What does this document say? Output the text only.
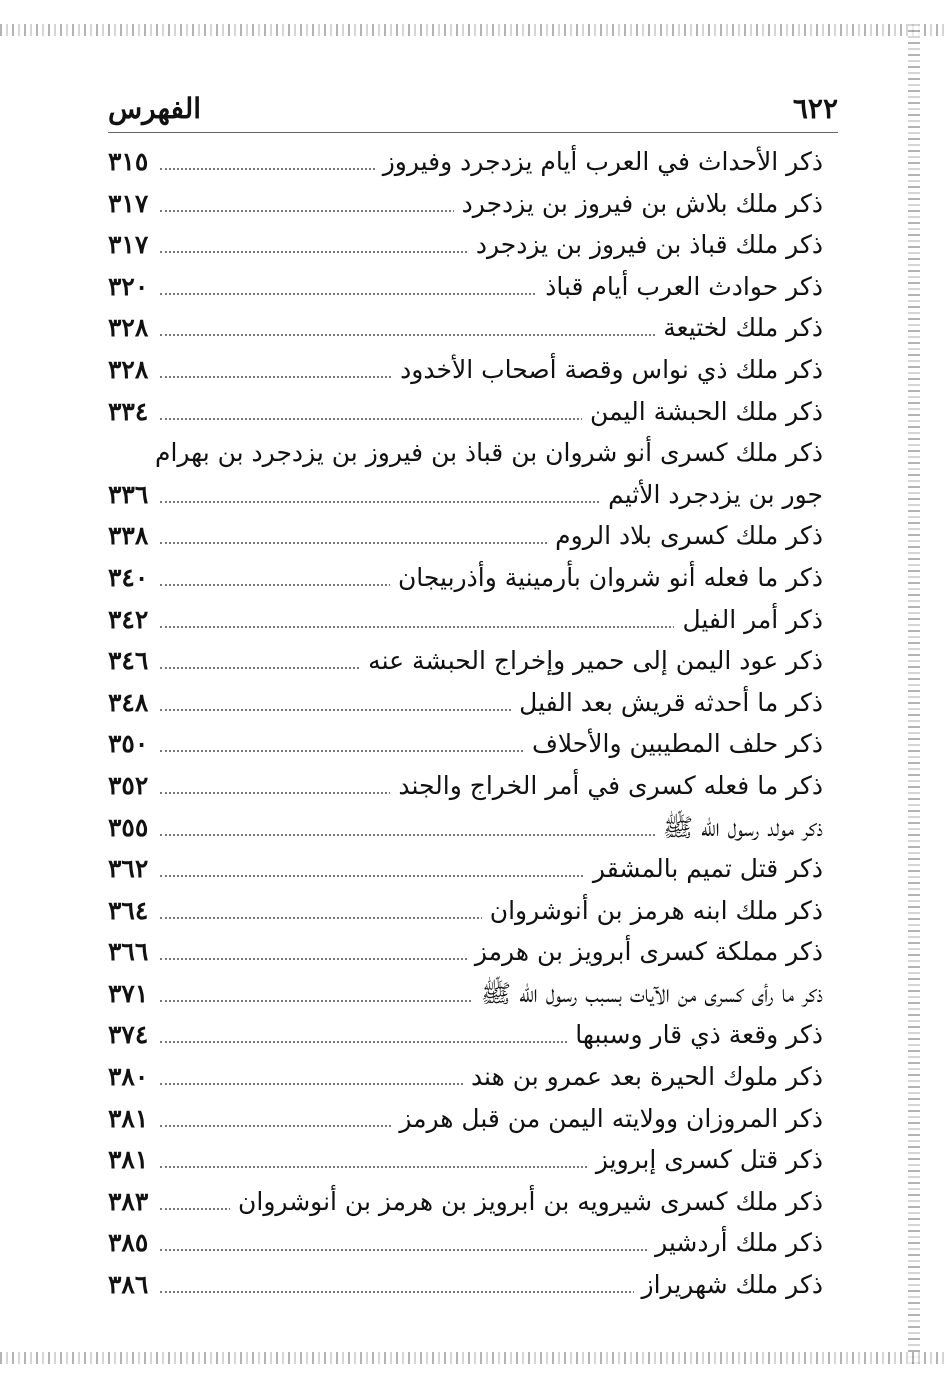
الفهرس	٦٢٢
ذكر الأحداث في العرب أيام يزدجرد وفيروز
٣١٥
ذكر ملك بلاش بن فيروز بن يزدجرد
٣١٧
ذكر ملك قباذ بن فيروز بن يزدجرد
٣١٧
ذكر حوادث العرب أيام قباذ
٣٢٠
ذكر ملك لختيعة
٣٢٨
ذكر ملك ذي نواس وقصة أصحاب الأخدود
٣٢٨
ذكر ملك الحبشة اليمن
٣٣٤
ذكر ملك كسرى أنو شروان بن قباذ بن فيروز بن يزدجرد بن بهرام
جور بن يزدجرد الأثيم
٣٣٦
ذكر ملك كسرى بلاد الروم
٣٣٨
ذكر ما فعله أنو شروان بأرمينية وأذربيجان
٣٤٠
ذكر أمر الفيل
٣٤٢
ذكر عود اليمن إلى حمير وإخراج الحبشة عنه
٣٤٦
ذكر ما أحدثه قريش بعد الفيل
٣٤٨
ذكر حلف المطيبين والأحلاف
٣٥٠
ذكر ما فعله كسرى في أمر الخراج والجند
٣٥٢
ذكر مولد رسول الله ﷺ
٣٥٥
ذكر قتل تميم بالمشقر
٣٦٢
ذكر ملك ابنه هرمز بن أنوشروان
٣٦٤
ذكر مملكة كسرى أبرويز بن هرمز
٣٦٦
ذكر ما رأى كسرى من الآيات بسبب رسول الله ﷺ
٣٧١
ذكر وقعة ذي قار وسببها
٣٧٤
ذكر ملوك الحيرة بعد عمرو بن هند
٣٨٠
ذكر المروزان وولايته اليمن من قبل هرمز
٣٨١
ذكر قتل كسرى إبرويز
٣٨١
ذكر ملك كسرى شيرويه بن أبرويز بن هرمز بن أنوشروان
٣٨٣
ذكر ملك أردشير
٣٨٥
ذكر ملك شهريراز
٣٨٦
